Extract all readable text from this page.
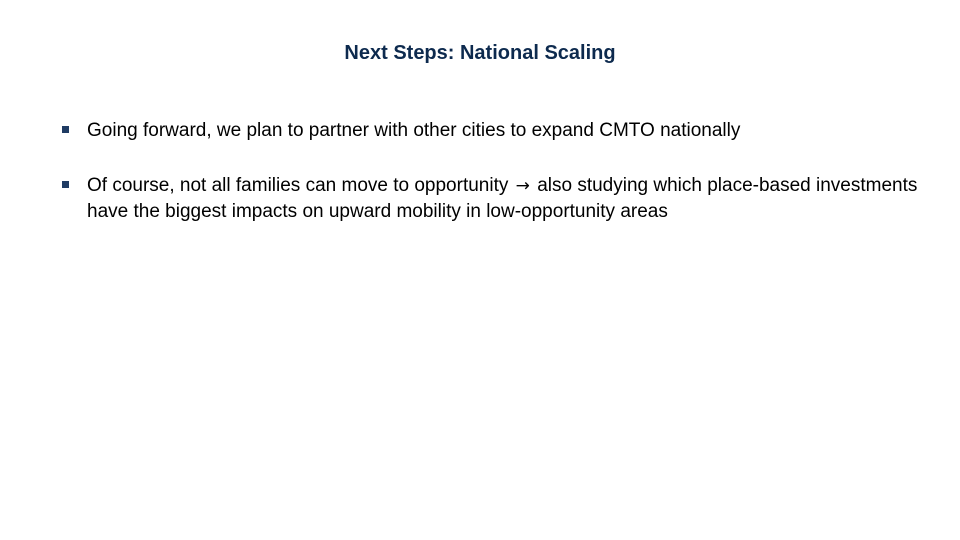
Next Steps: National Scaling
Going forward, we plan to partner with other cities to expand CMTO nationally
Of course, not all families can move to opportunity → also studying which place-based investments have the biggest impacts on upward mobility in low-opportunity areas
